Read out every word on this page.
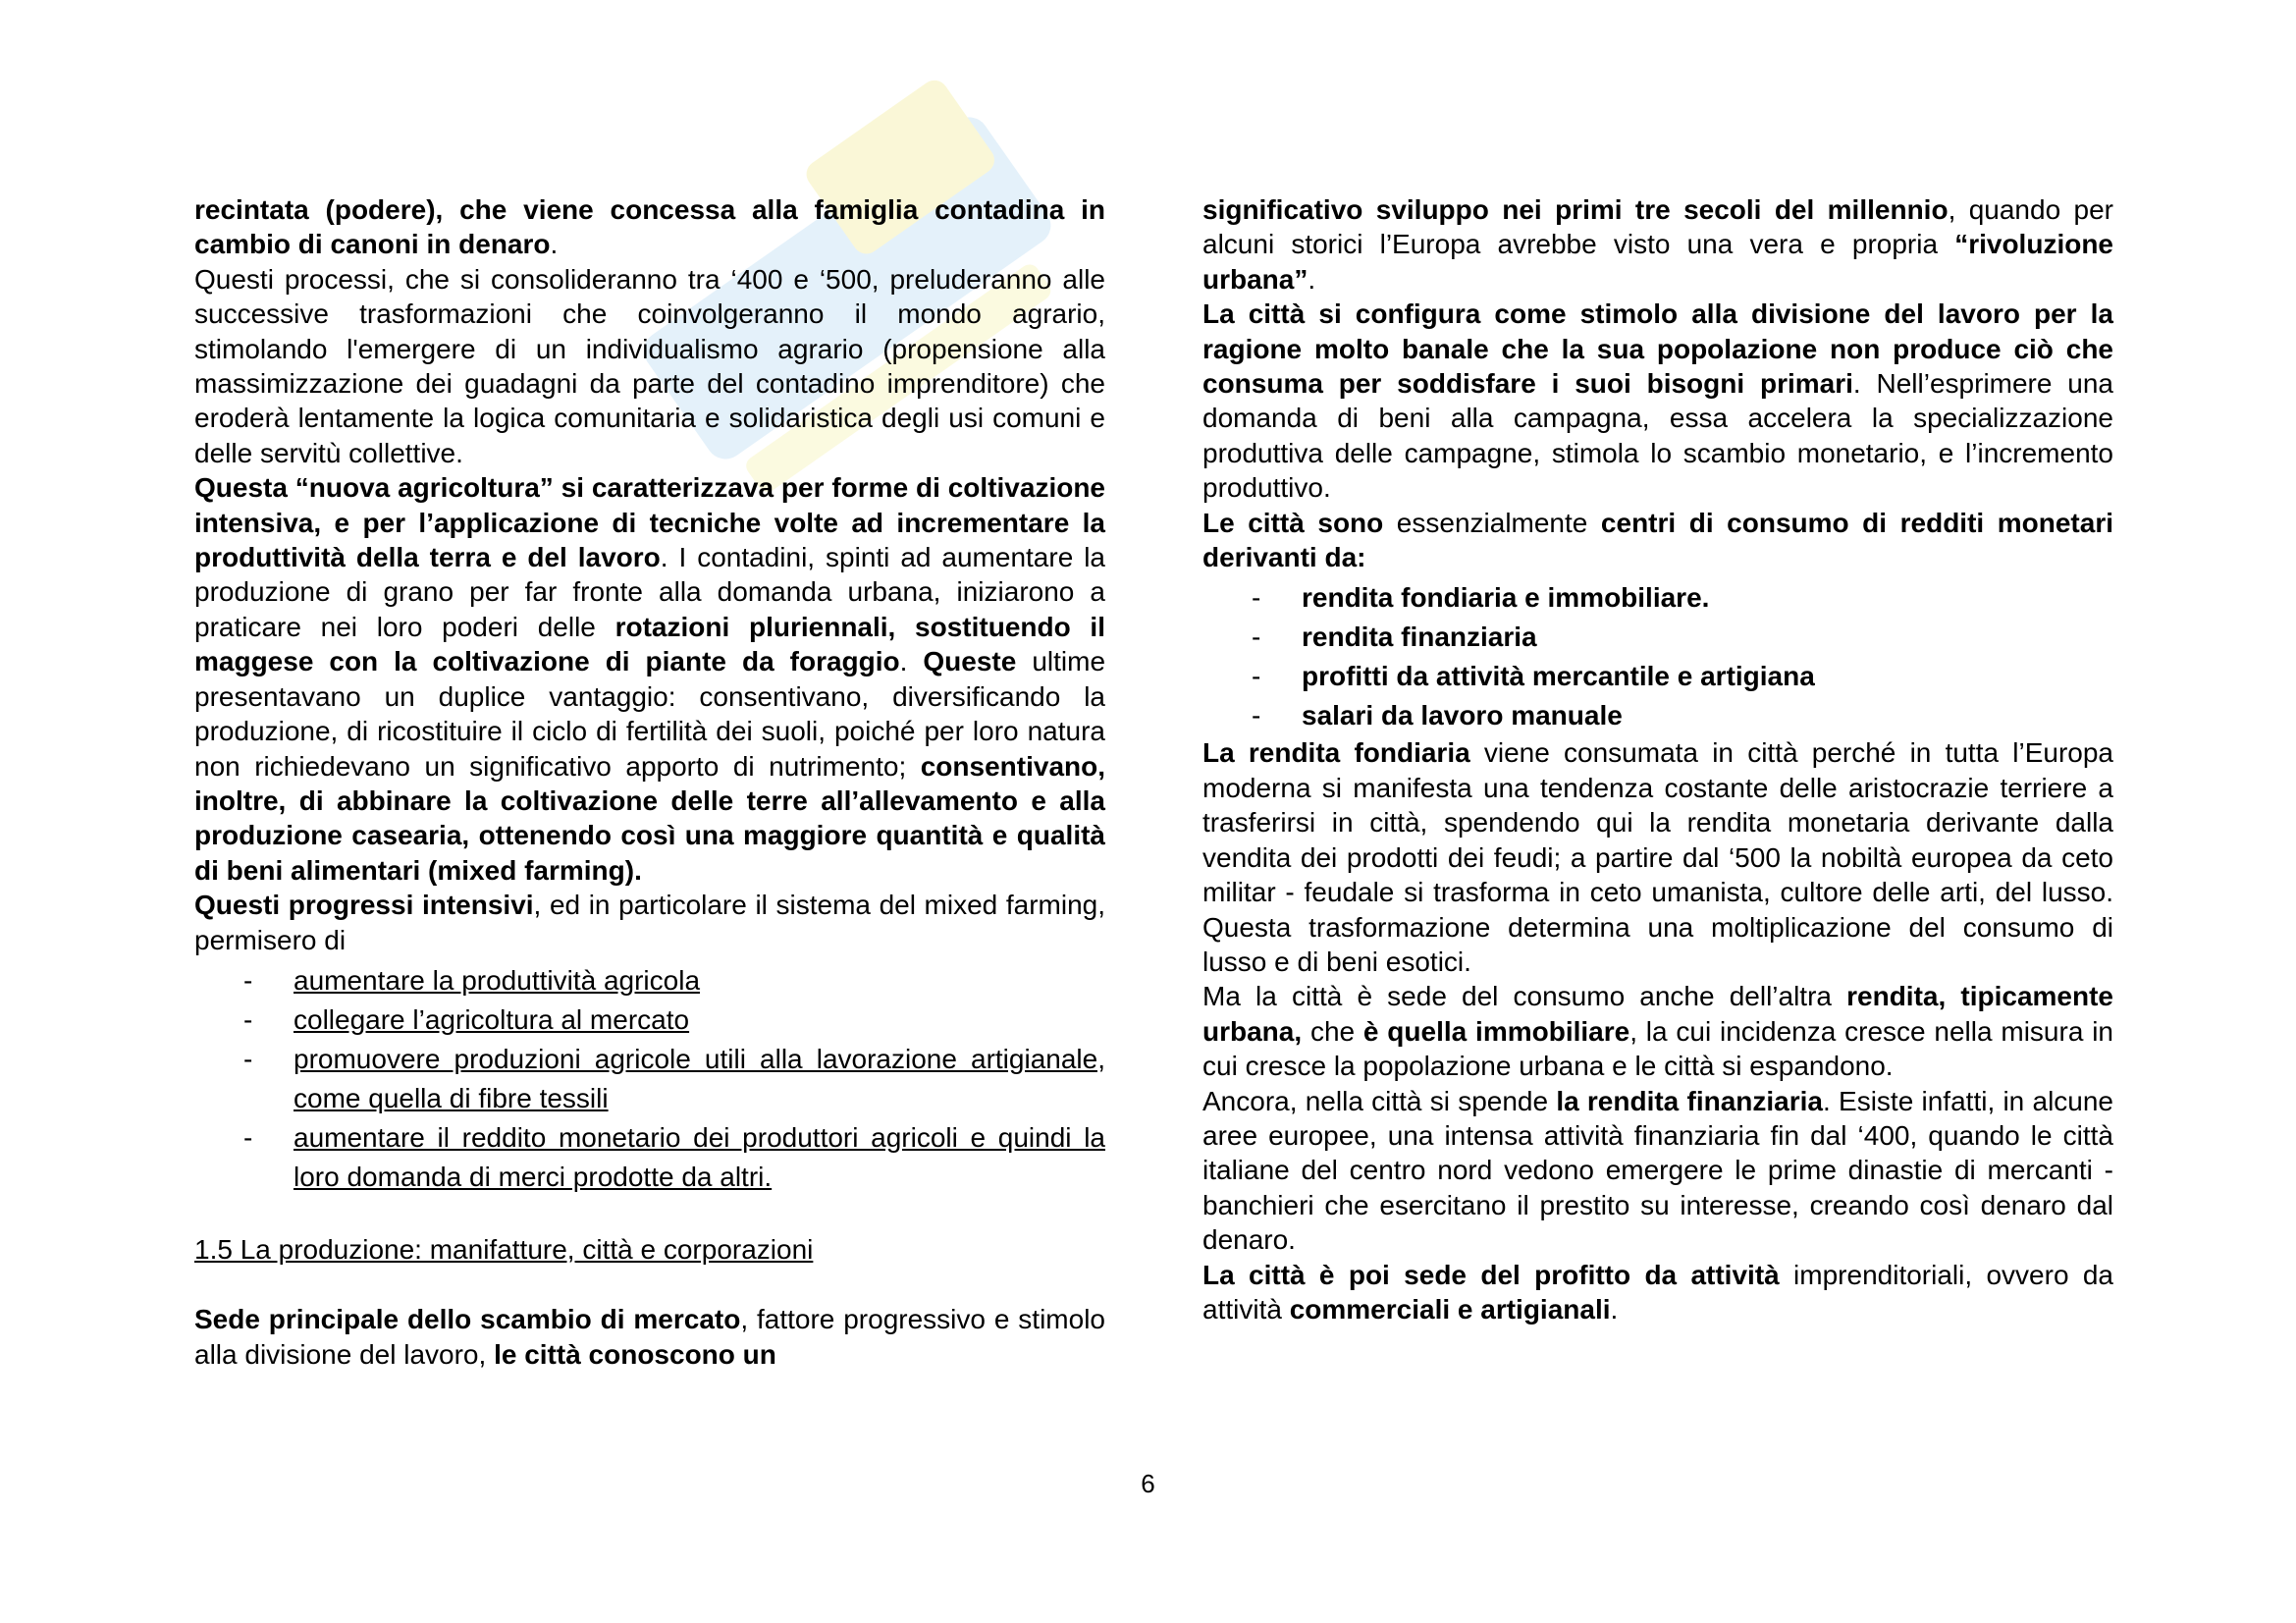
recintata (podere), che viene concessa alla famiglia contadina in cambio di canoni in denaro.

Questi processi, che si consolideranno tra ‘400 e ‘500, preluderanno alle successive trasformazioni che coinvolgeranno il mondo agrario, stimolando l'emergere di un individualismo agrario (propensione alla massimizzazione dei guadagni da parte del contadino imprenditore) che eroderà lentamente la logica comunitaria e solidaristica degli usi comuni e delle servitù collettive.

Questa “nuova agricoltura” si caratterizzava per forme di coltivazione intensiva, e per l’applicazione di tecniche volte ad incrementare la produttività della terra e del lavoro. I contadini, spinti ad aumentare la produzione di grano per far fronte alla domanda urbana, iniziarono a praticare nei loro poderi delle rotazioni pluriennali, sostituendo il maggese con la coltivazione di piante da foraggio. Queste ultime presentavano un duplice vantaggio: consentivano, diversificando la produzione, di ricostituire il ciclo di fertilità dei suoli, poiché per loro natura non richiedevano un significativo apporto di nutrimento; consentivano, inoltre, di abbinare la coltivazione delle terre all’allevamento e alla produzione casearia, ottenendo così una maggiore quantità e qualità di beni alimentari (mixed farming).

Questi progressi intensivi, ed in particolare il sistema del mixed farming, permisero di

- aumentare la produttività agricola
- collegare l’agricoltura al mercato
- promuovere produzioni agricole utili alla lavorazione artigianale, come quella di fibre tessili
- aumentare il reddito monetario dei produttori agricoli e quindi la loro domanda di merci prodotte da altri.

1.5 La produzione: manifatture, città e corporazioni

Sede principale dello scambio di mercato, fattore progressivo e stimolo alla divisione del lavoro, le città conoscono un

significativo sviluppo nei primi tre secoli del millennio, quando per alcuni storici l’Europa avrebbe visto una vera e propria “rivoluzione urbana”.

La città si configura come stimolo alla divisione del lavoro per la ragione molto banale che la sua popolazione non produce ciò che consuma per soddisfare i suoi bisogni primari. Nell’esprimere una domanda di beni alla campagna, essa accelera la specializzazione produttiva delle campagne, stimola lo scambio monetario, e l’incremento produttivo.

Le città sono essenzialmente centri di consumo di redditi monetari derivanti da:

- rendita fondiaria e immobiliare.
- rendita finanziaria
- profitti da attività mercantile e artigiana
- salari da lavoro manuale

La rendita fondiaria viene consumata in città perché in tutta l’Europa moderna si manifesta una tendenza costante delle aristocrazie terriere a trasferirsi in città, spendendo qui la rendita monetaria derivante dalla vendita dei prodotti dei feudi; a partire dal ‘500 la nobiltà europea da ceto militar - feudale si trasforma in ceto umanista, cultore delle arti, del lusso. Questa trasformazione determina una moltiplicazione del consumo di lusso e di beni esotici.

Ma la città è sede del consumo anche dell’altra rendita, tipicamente urbana, che è quella immobiliare, la cui incidenza cresce nella misura in cui cresce la popolazione urbana e le città si espandono.

Ancora, nella città si spende la rendita finanziaria. Esiste infatti, in alcune aree europee, una intensa attività finanziaria fin dal ‘400, quando le città italiane del centro nord vedono emergere le prime dinastie di mercanti - banchieri che esercitano il prestito su interesse, creando così denaro dal denaro.

La città è poi sede del profitto da attività imprenditoriali, ovvero da attività commerciali e artigianali.

6
